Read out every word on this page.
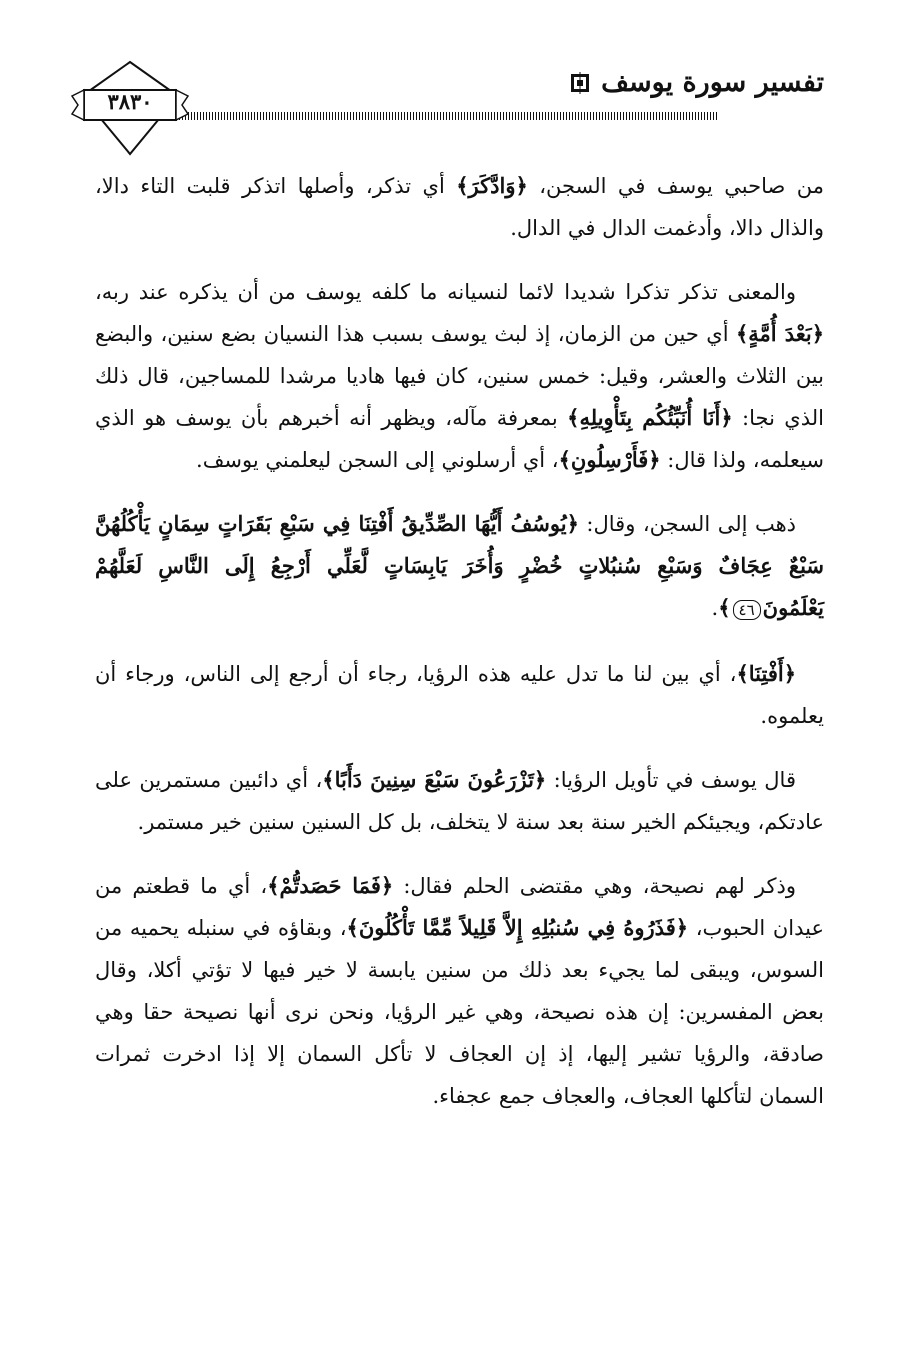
تفسير سورة يوسف
٣٨٣٠

من صاحبي يوسف في السجن، ﴿وَادَّكَرَ﴾ أي تذكر، وأصلها اتذكر قلبت التاء دالا، والذال دالا، وأدغمت الدال في الدال.

والمعنى تذكر تذكرا شديدا لائما لنسيانه ما كلفه يوسف من أن يذكره عند ربه، ﴿بَعْدَ أُمَّةٍ﴾ أي حين من الزمان، إذ لبث يوسف بسبب هذا النسيان بضع سنين، والبضع بين الثلاث والعشر، وقيل: خمس سنين، كان فيها هاديا مرشدا للمساجين، قال ذلك الذي نجا: ﴿أَنَا أُنَبِّئُكُم بِتَأْوِيلِهِ﴾ بمعرفة مآله، ويظهر أنه أخبرهم بأن يوسف هو الذي سيعلمه، ولذا قال: ﴿فَأَرْسِلُونِ﴾، أي أرسلوني إلى السجن ليعلمني يوسف.

ذهب إلى السجن، وقال: ﴿يُوسُفُ أَيُّهَا الصِّدِّيقُ أَفْتِنَا فِي سَبْعِ بَقَرَاتٍ سِمَانٍ يَأْكُلُهُنَّ سَبْعٌ عِجَافٌ وَسَبْعِ سُنبُلاتٍ خُضْرٍ وَأُخَرَ يَابِسَاتٍ لَّعَلِّي أَرْجِعُ إِلَى النَّاسِ لَعَلَّهُمْ يَعْلَمُونَ٤٦﴾.

﴿أَفْتِنَا﴾، أي بين لنا ما تدل عليه هذه الرؤيا، رجاء أن أرجع إلى الناس، ورجاء أن يعلموه.

قال يوسف في تأويل الرؤيا: ﴿تَزْرَعُونَ سَبْعَ سِنِينَ دَأَبًا﴾، أي دائبين مستمرين على عادتكم، ويجيئكم الخير سنة بعد سنة لا يتخلف، بل كل السنين سنين خير مستمر.

وذكر لهم نصيحة، وهي مقتضى الحلم فقال: ﴿فَمَا حَصَدتُّمْ﴾، أي ما قطعتم من عيدان الحبوب، ﴿فَذَرُوهُ فِي سُنبُلِهِ إِلاَّ قَلِيلاً مِّمَّا تَأْكُلُونَ﴾، وبقاؤه في سنبله يحميه من السوس، ويبقى لما يجيء بعد ذلك من سنين يابسة لا خير فيها لا تؤتي أكلا، وقال بعض المفسرين: إن هذه نصيحة، وهي غير الرؤيا، ونحن نرى أنها نصيحة حقا وهي صادقة، والرؤيا تشير إليها، إذ إن العجاف لا تأكل السمان إلا إذا ادخرت ثمرات السمان لتأكلها العجاف، والعجاف جمع عجفاء.
